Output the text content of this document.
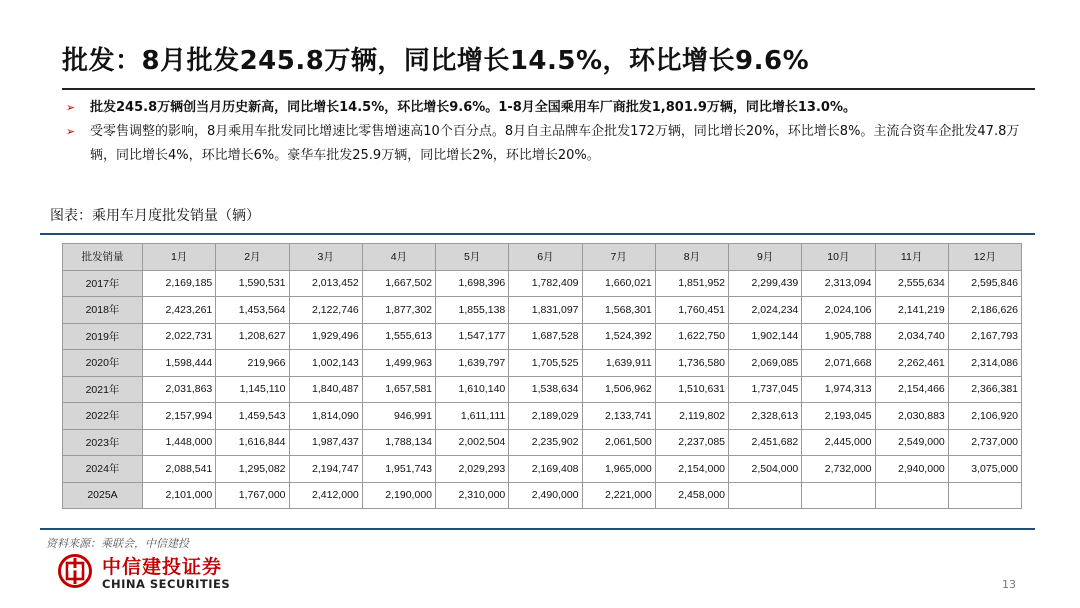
批发：8月批发245.8万辆，同比增长14.5%，环比增长9.6%
➢ 批发245.8万辆创当月历史新高，同比增长14.5%，环比增长9.6%。1-8月全国乘用车厂商批发1,801.9万辆，同比增长13.0%。
➢ 受零售调整的影响，8月乘用车批发同比增速比零售增速高10个百分点。8月自主品牌车企批发172万辆，同比增长20%，环比增长8%。主流合资车企批发47.8万辆，同比增长4%，环比增长6%。豪华车批发25.9万辆，同比增长2%，环比增长20%。
图表：乘用车月度批发销量（辆）
批发销量	1月	2月	3月	4月	5月	6月	7月	8月	9月	10月	11月	12月
2017年	2,169,185	1,590,531	2,013,452	1,667,502	1,698,396	1,782,409	1,660,021	1,851,952	2,299,439	2,313,094	2,555,634	2,595,846
2018年	2,423,261	1,453,564	2,122,746	1,877,302	1,855,138	1,831,097	1,568,301	1,760,451	2,024,234	2,024,106	2,141,219	2,186,626
2019年	2,022,731	1,208,627	1,929,496	1,555,613	1,547,177	1,687,528	1,524,392	1,622,750	1,902,144	1,905,788	2,034,740	2,167,793
2020年	1,598,444	219,966	1,002,143	1,499,963	1,639,797	1,705,525	1,639,911	1,736,580	2,069,085	2,071,668	2,262,461	2,314,086
2021年	2,031,863	1,145,110	1,840,487	1,657,581	1,610,140	1,538,634	1,506,962	1,510,631	1,737,045	1,974,313	2,154,466	2,366,381
2022年	2,157,994	1,459,543	1,814,090	946,991	1,611,111	2,189,029	2,133,741	2,119,802	2,328,613	2,193,045	2,030,883	2,106,920
2023年	1,448,000	1,616,844	1,987,437	1,788,134	2,002,504	2,235,902	2,061,500	2,237,085	2,451,682	2,445,000	2,549,000	2,737,000
2024年	2,088,541	1,295,082	2,194,747	1,951,743	2,029,293	2,169,408	1,965,000	2,154,000	2,504,000	2,732,000	2,940,000	3,075,000
2025A	2,101,000	1,767,000	2,412,000	2,190,000	2,310,000	2,490,000	2,221,000	2,458,000				
资料来源：乘联会，中信建投
中信建投证券
CHINA SECURITIES	13
